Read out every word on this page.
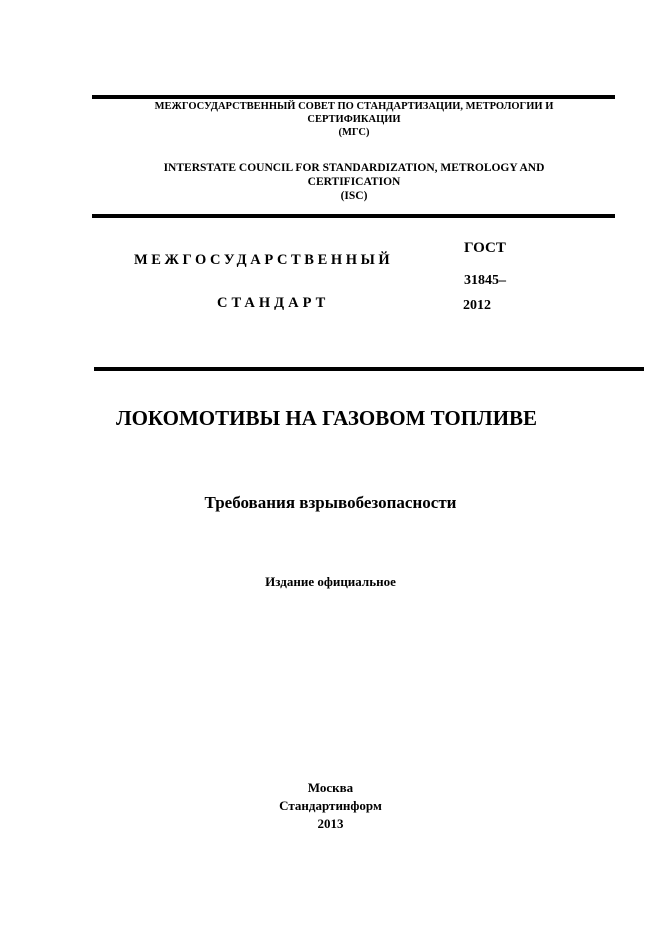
МЕЖГОСУДАРСТВЕННЫЙ СОВЕТ ПО СТАНДАРТИЗАЦИИ, МЕТРОЛОГИИ И
СЕРТИФИКАЦИИ
(МГС)
INTERSTATE COUNCIL FOR STANDARDIZATION, METROLOGY AND
CERTIFICATION
(ISC)
МЕЖГОСУДАРСТВЕННЫЙ
СТАНДАРТ
ГОСТ
31845–
2012
ЛОКОМОТИВЫ НА ГАЗОВОМ ТОПЛИВЕ
Требования взрывобезопасности
Издание официальное
Москва
Стандартинформ
2013
